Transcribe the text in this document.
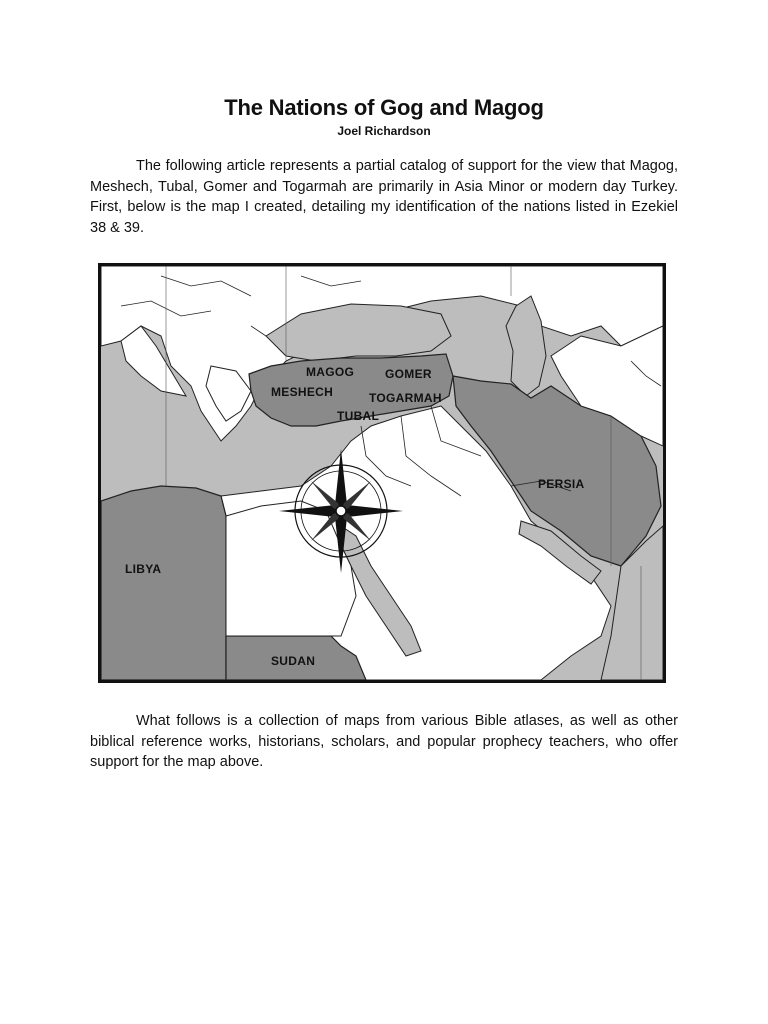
The Nations of Gog and Magog
Joel Richardson

The following article represents a partial catalog of support for the view that Magog, Meshech, Tubal, Gomer and Togarmah are primarily in Asia Minor or modern day Turkey. First, below is the map I created, detailing my identification of the nations listed in Ezekiel 38 & 39.

MAGOG	GOMER
MESHECH	TOGARMAH
TUBAL
PERSIA
LIBYA
SUDAN

What follows is a collection of maps from various Bible atlases, as well as other biblical reference works, historians, scholars, and popular prophecy teachers, who offer support for the map above.
